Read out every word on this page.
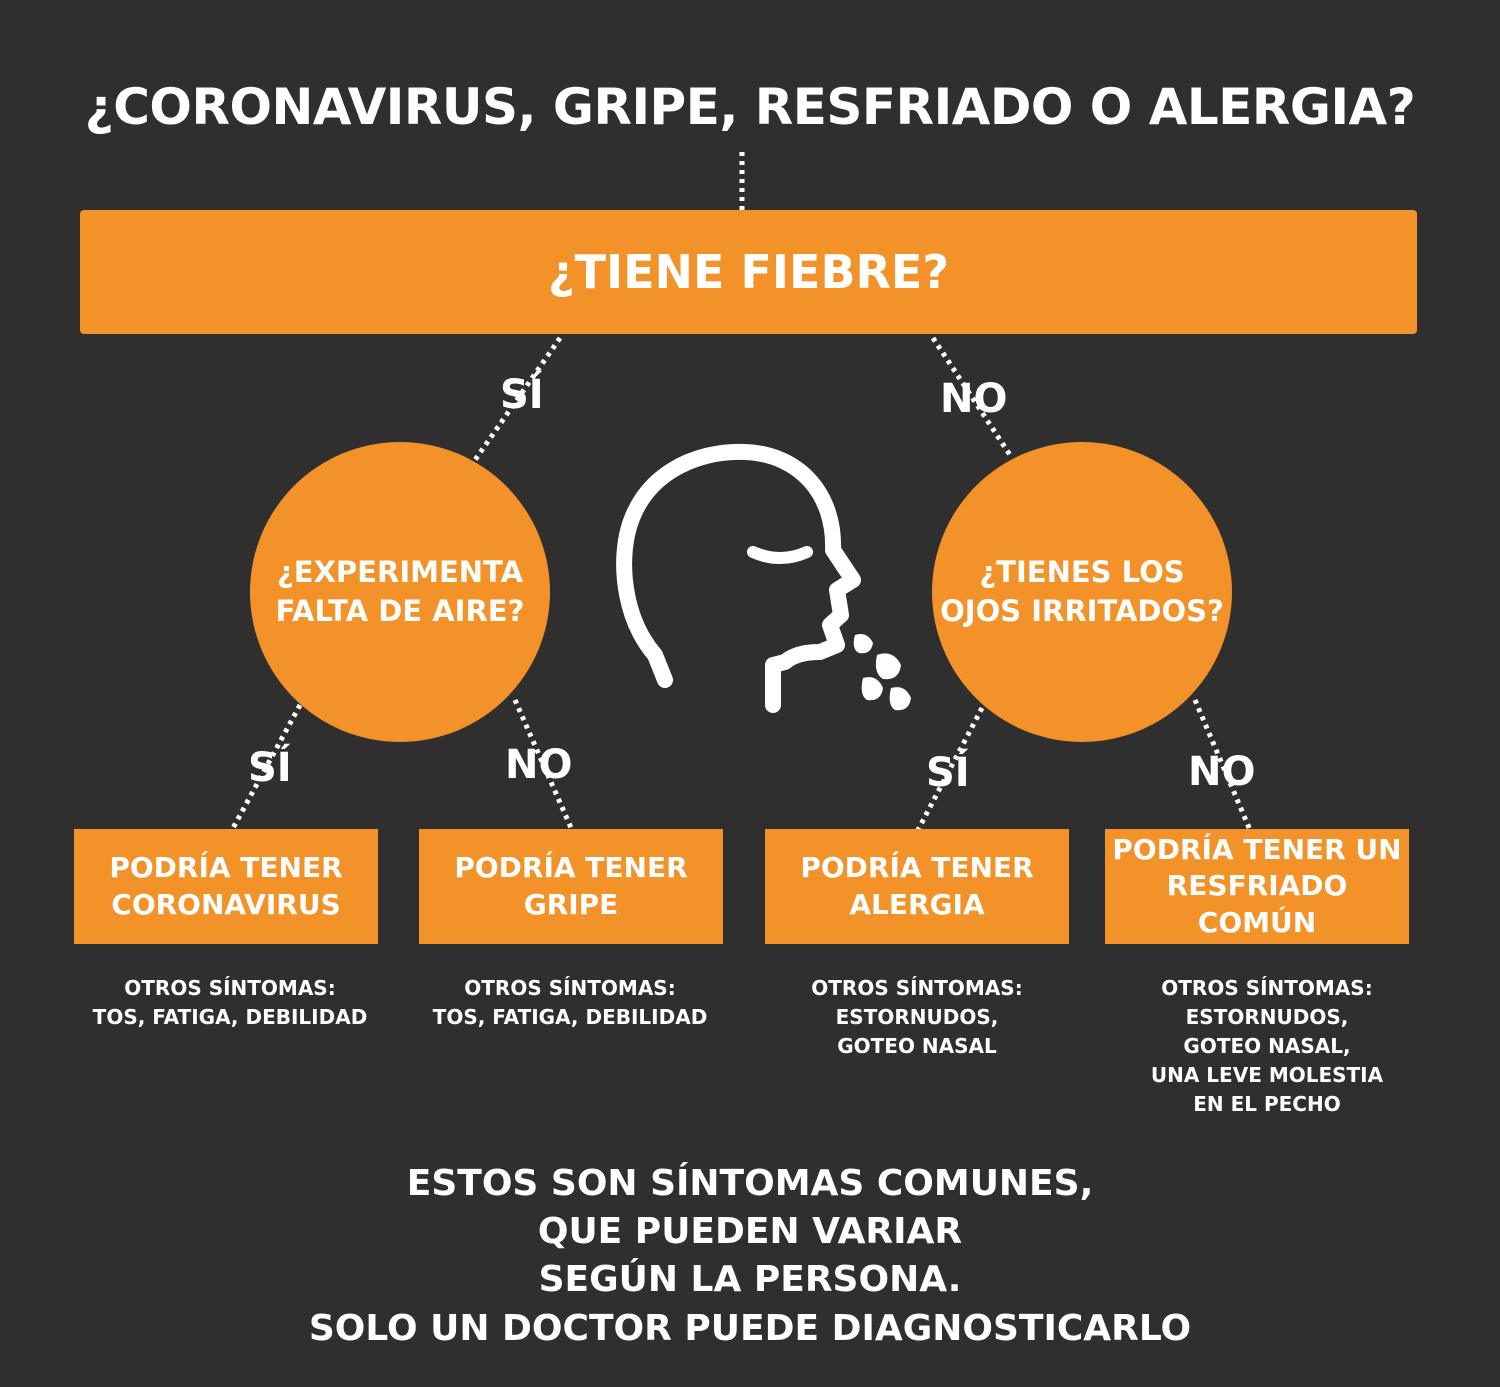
¿CORONAVIRUS, GRIPE, RESFRIADO O ALERGIA?
¿TIENE FIEBRE?
SÍ	NO
¿EXPERIMENTA
FALTA DE AIRE?
¿TIENES LOS
OJOS IRRITADOS?
SÍ	NO	SÍ	NO
PODRÍA TENER
CORONAVIRUS
PODRÍA TENER
GRIPE
PODRÍA TENER
ALERGIA
PODRÍA TENER UN
RESFRIADO COMÚN
OTROS SÍNTOMAS:
TOS, FATIGA, DEBILIDAD
OTROS SÍNTOMAS:
TOS, FATIGA, DEBILIDAD
OTROS SÍNTOMAS:
ESTORNUDOS,
GOTEO NASAL
OTROS SÍNTOMAS:
ESTORNUDOS,
GOTEO NASAL,
UNA LEVE MOLESTIA
EN EL PECHO
ESTOS SON SÍNTOMAS COMUNES,
QUE PUEDEN VARIAR
SEGÚN LA PERSONA.
SOLO UN DOCTOR PUEDE DIAGNOSTICARLO
